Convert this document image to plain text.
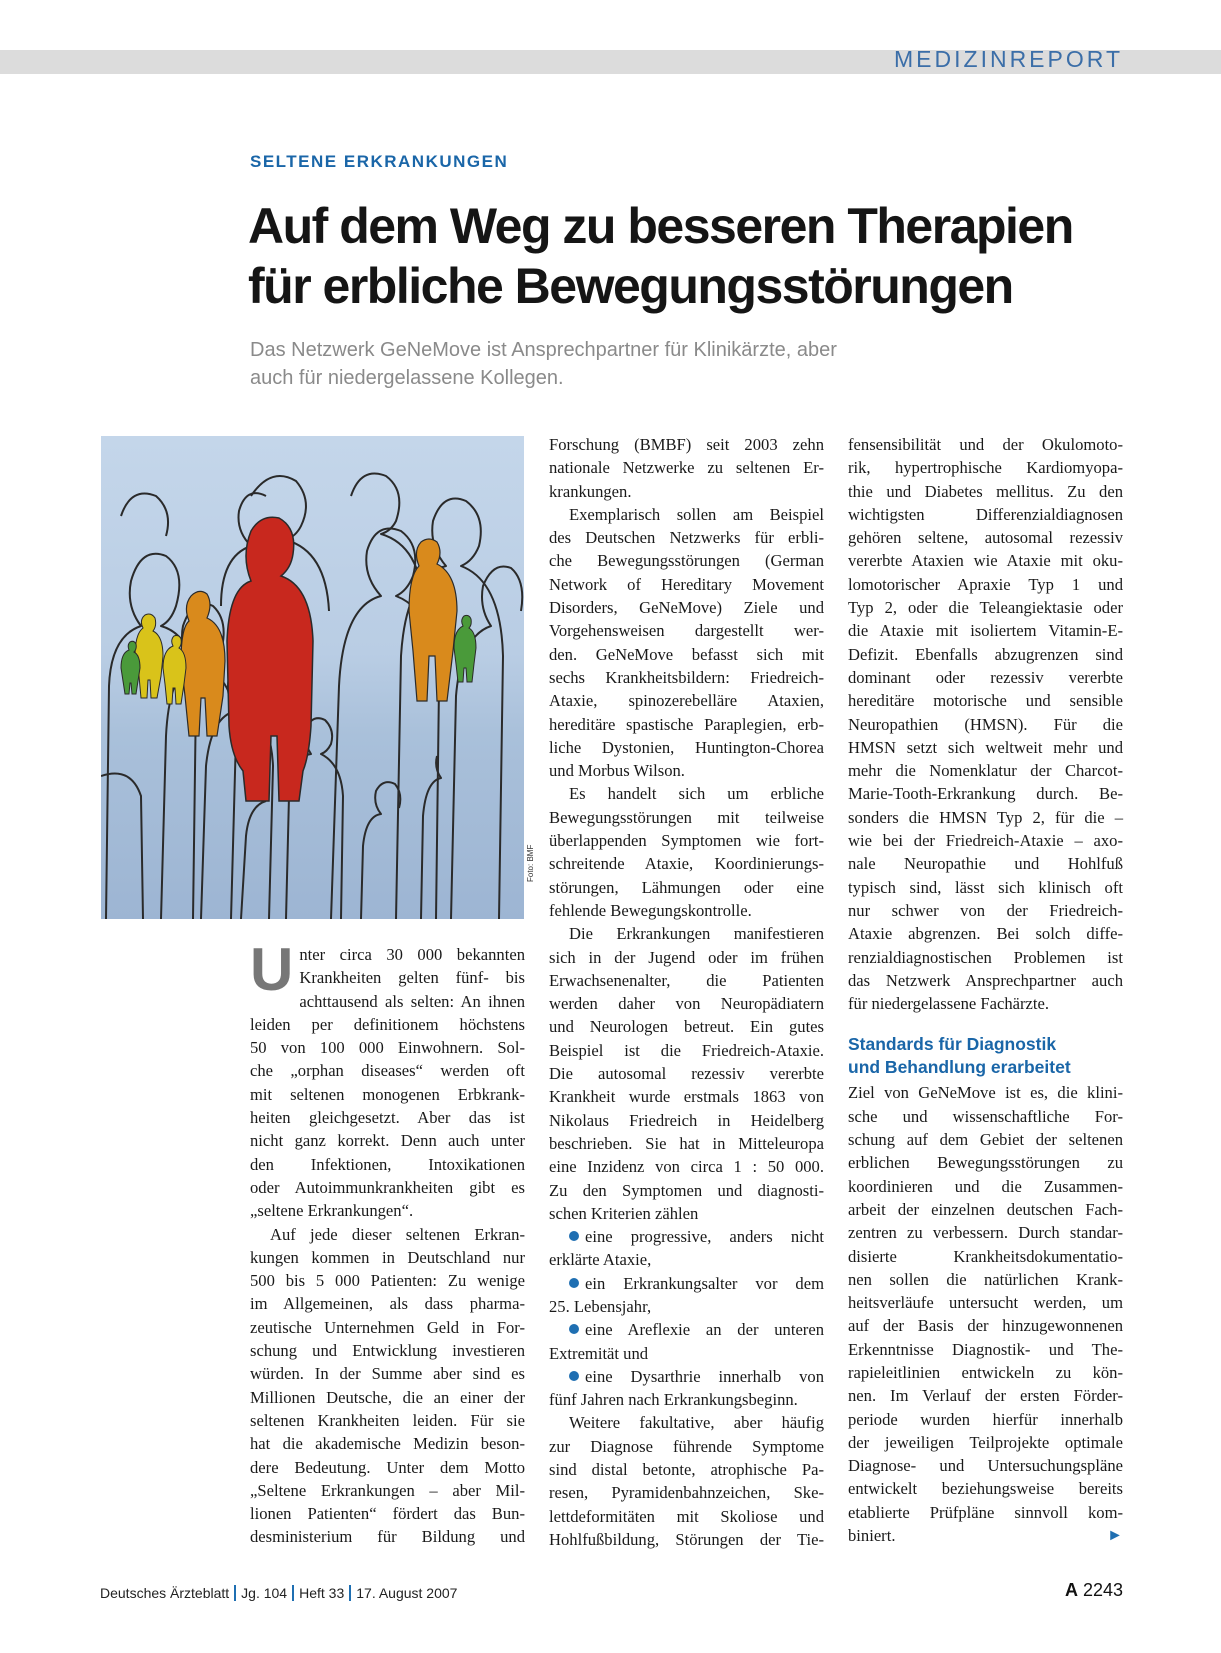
MEDIZINREPORT
SELTENE ERKRANKUNGEN
Auf dem Weg zu besseren Therapien
für erbliche Bewegungsstörungen
Das Netzwerk GeNeMove ist Ansprechpartner für Klinikärzte, aber
auch für niedergelassene Kollegen.
Foto: BMF
U nter circa 30 000 bekannten
Krankheiten gelten fünf- bis
achttausend als selten: An ihnen
leiden per definitionem höchstens
50 von 100 000 Einwohnern. Sol-
che „orphan diseases“ werden oft
mit seltenen monogenen Erbkrank-
heiten gleichgesetzt. Aber das ist
nicht ganz korrekt. Denn auch unter
den Infektionen, Intoxikationen
oder Autoimmunkrankheiten gibt es
„seltene Erkrankungen“.

Auf jede dieser seltenen Erkran-
kungen kommen in Deutschland nur
500 bis 5 000 Patienten: Zu wenige
im Allgemeinen, als dass pharma-
zeutische Unternehmen Geld in For-
schung und Entwicklung investieren
würden. In der Summe aber sind es
Millionen Deutsche, die an einer der
seltenen Krankheiten leiden. Für sie
hat die akademische Medizin beson-
dere Bedeutung. Unter dem Motto
„Seltene Erkrankungen – aber Mil-
lionen Patienten“ fördert das Bun-
desministerium für Bildung und

Forschung (BMBF) seit 2003 zehn
nationale Netzwerke zu seltenen Er-
krankungen.

Exemplarisch sollen am Beispiel
des Deutschen Netzwerks für erbli-
che Bewegungsstörungen (German
Network of Hereditary Movement
Disorders, GeNeMove) Ziele und
Vorgehensweisen dargestellt wer-
den. GeNeMove befasst sich mit
sechs Krankheitsbildern: Friedreich-
Ataxie, spinozerebelläre Ataxien,
hereditäre spastische Paraplegien, erb-
liche Dystonien, Huntington-Chorea
und Morbus Wilson.

Es handelt sich um erbliche
Bewegungsstörungen mit teilweise
überlappenden Symptomen wie fort-
schreitende Ataxie, Koordinierungs-
störungen, Lähmungen oder eine
fehlende Bewegungskontrolle.

Die Erkrankungen manifestieren
sich in der Jugend oder im frühen
Erwachsenenalter, die Patienten
werden daher von Neuropädiatern
und Neurologen betreut. Ein gutes
Beispiel ist die Friedreich-Ataxie.
Die autosomal rezessiv vererbte
Krankheit wurde erstmals 1863 von
Nikolaus Friedreich in Heidelberg
beschrieben. Sie hat in Mitteleuropa
eine Inzidenz von circa 1 : 50 000.
Zu den Symptomen und diagnosti-
schen Kriterien zählen

eine progressive, anders nicht
erklärte Ataxie,
ein Erkrankungsalter vor dem
25. Lebensjahr,
eine Areflexie an der unteren
Extremität und
eine Dysarthrie innerhalb von
fünf Jahren nach Erkrankungsbeginn.

Weitere fakultative, aber häufig
zur Diagnose führende Symptome
sind distal betonte, atrophische Pa-
resen, Pyramidenbahnzeichen, Ske-
lettdeformitäten mit Skoliose und
Hohlfußbildung, Störungen der Tie-

fensensibilität und der Okulomoto-
rik, hypertrophische Kardiomyopa-
thie und Diabetes mellitus. Zu den
wichtigsten Differenzialdiagnosen
gehören seltene, autosomal rezessiv
vererbte Ataxien wie Ataxie mit oku-
lomotorischer Apraxie Typ 1 und
Typ 2, oder die Teleangiektasie oder
die Ataxie mit isoliertem Vitamin-E-
Defizit. Ebenfalls abzugrenzen sind
dominant oder rezessiv vererbte
hereditäre motorische und sensible
Neuropathien (HMSN). Für die
HMSN setzt sich weltweit mehr und
mehr die Nomenklatur der Charcot-
Marie-Tooth-Erkrankung durch. Be-
sonders die HMSN Typ 2, für die –
wie bei der Friedreich-Ataxie – axo-
nale Neuropathie und Hohlfuß
typisch sind, lässt sich klinisch oft
nur schwer von der Friedreich-
Ataxie abgrenzen. Bei solch diffe-
renzialdiagnostischen Problemen ist
das Netzwerk Ansprechpartner auch
für niedergelassene Fachärzte.

Standards für Diagnostik
und Behandlung erarbeitet

Ziel von GeNeMove ist es, die klini-
sche und wissenschaftliche For-
schung auf dem Gebiet der seltenen
erblichen Bewegungsstörungen zu
koordinieren und die Zusammen-
arbeit der einzelnen deutschen Fach-
zentren zu verbessern. Durch standar-
disierte Krankheitsdokumentatio-
nen sollen die natürlichen Krank-
heitsverläufe untersucht werden, um
auf der Basis der hinzugewonnenen
Erkenntnisse Diagnostik- und The-
rapieleitlinien entwickeln zu kön-
nen. Im Verlauf der ersten Förder-
periode wurden hierfür innerhalb
der jeweiligen Teilprojekte optimale
Diagnose- und Untersuchungspläne
entwickelt beziehungsweise bereits
etablierte Prüfpläne sinnvoll kom-
biniert.	►

Deutsches Ärzteblatt Jg. 104 Heft 33 17. August 2007	A 2243
